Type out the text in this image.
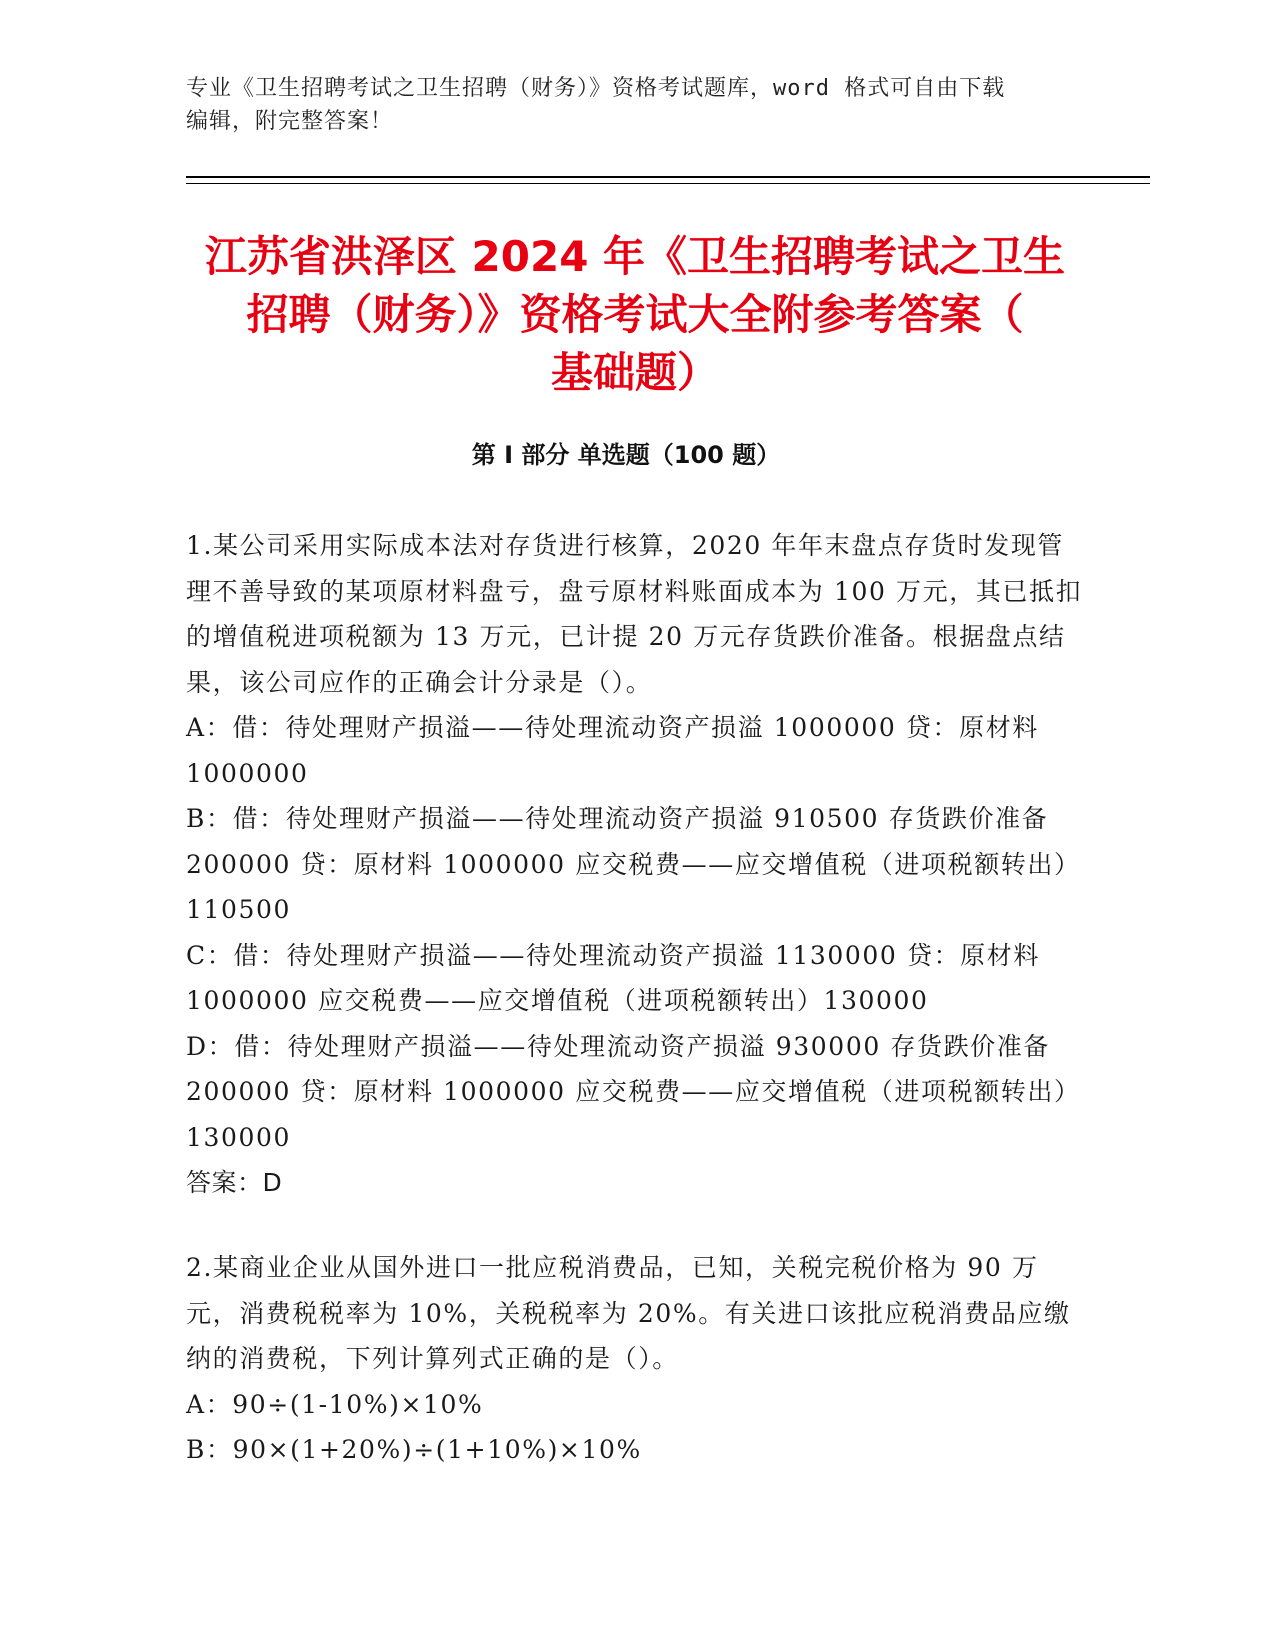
专业《卫生招聘考试之卫生招聘（财务）》资格考试题库，word 格式可自由下载
编辑，附完整答案！
江苏省洪泽区 2024 年《卫生招聘考试之卫生
招聘（财务）》资格考试大全附参考答案（
基础题）
第 I 部分 单选题（100 题）

1.某公司采用实际成本法对存货进行核算，2020 年年末盘点存货时发现管理不善导致的某项原材料盘亏，盘亏原材料账面成本为 100 万元，其已抵扣的增值税进项税额为 13 万元，已计提 20 万元存货跌价准备。根据盘点结果，该公司应作的正确会计分录是（）。

A：借：待处理财产损溢——待处理流动资产损溢 1000000 贷：原材料 1000000

B：借：待处理财产损溢——待处理流动资产损溢 910500 存货跌价准备 200000 贷：原材料 1000000 应交税费——应交增值税（进项税额转出）110500

C：借：待处理财产损溢——待处理流动资产损溢 1130000 贷：原材料 1000000 应交税费——应交增值税（进项税额转出）130000

D：借：待处理财产损溢——待处理流动资产损溢 930000 存货跌价准备 200000 贷：原材料 1000000 应交税费——应交增值税（进项税额转出）130000

答案：D

2.某商业企业从国外进口一批应税消费品，已知，关税完税价格为 90 万元，消费税税率为 10%，关税税率为 20%。有关进口该批应税消费品应缴纳的消费税，下列计算列式正确的是（）。

A：90÷(1-10%)×10%

B：90×(1+20%)÷(1+10%)×10%
